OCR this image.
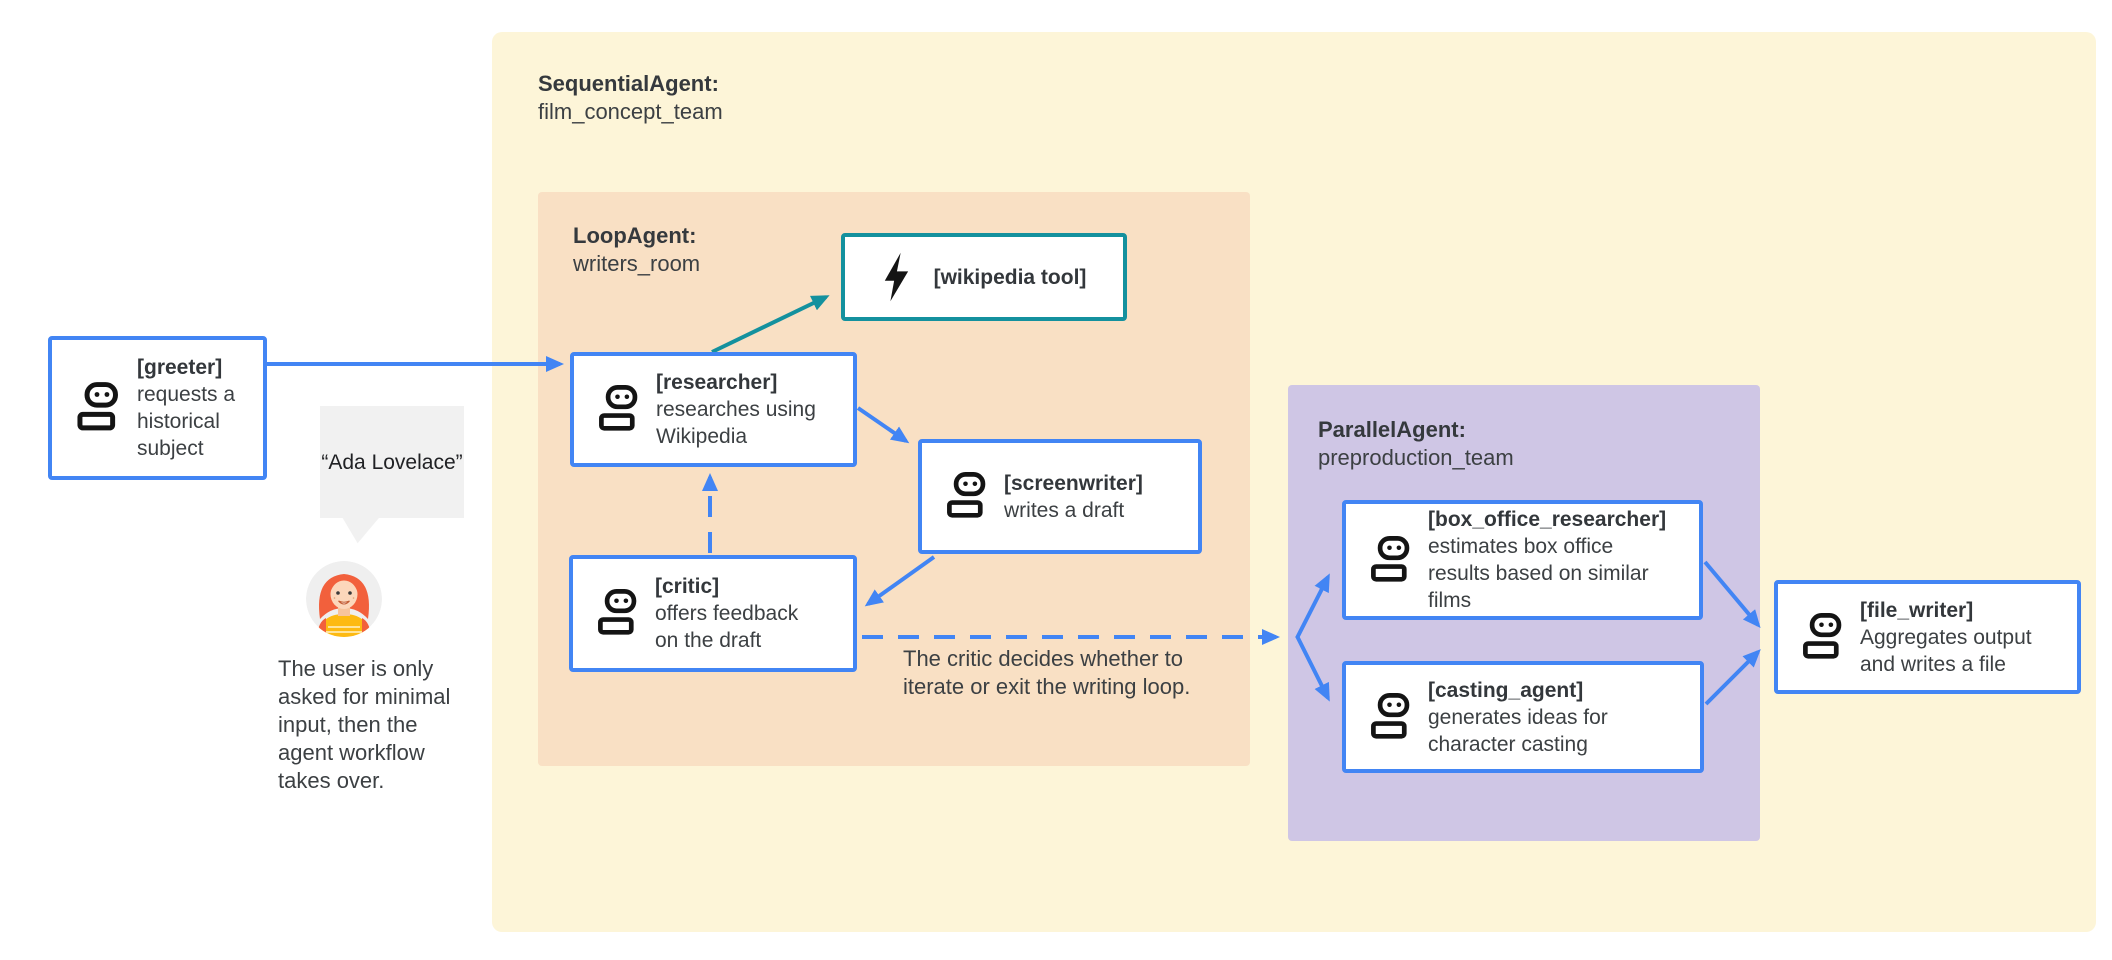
SequentialAgent:
film_concept_team
LoopAgent:
writers_room
ParallelAgent:
preproduction_team
[greeter]
requests a historical subject
[researcher]
researches using Wikipedia
[wikipedia tool]
[screenwriter]
writes a draft
[critic]
offers feedback on the draft
[box_office_researcher]
estimates box office results based on similar films
[casting_agent]
generates ideas for character casting
[file_writer]
Aggregates output and writes a file
“Ada Lovelace”
The user is only asked for minimal input, then the agent workflow takes over.
The critic decides whether to iterate or exit the writing loop.
